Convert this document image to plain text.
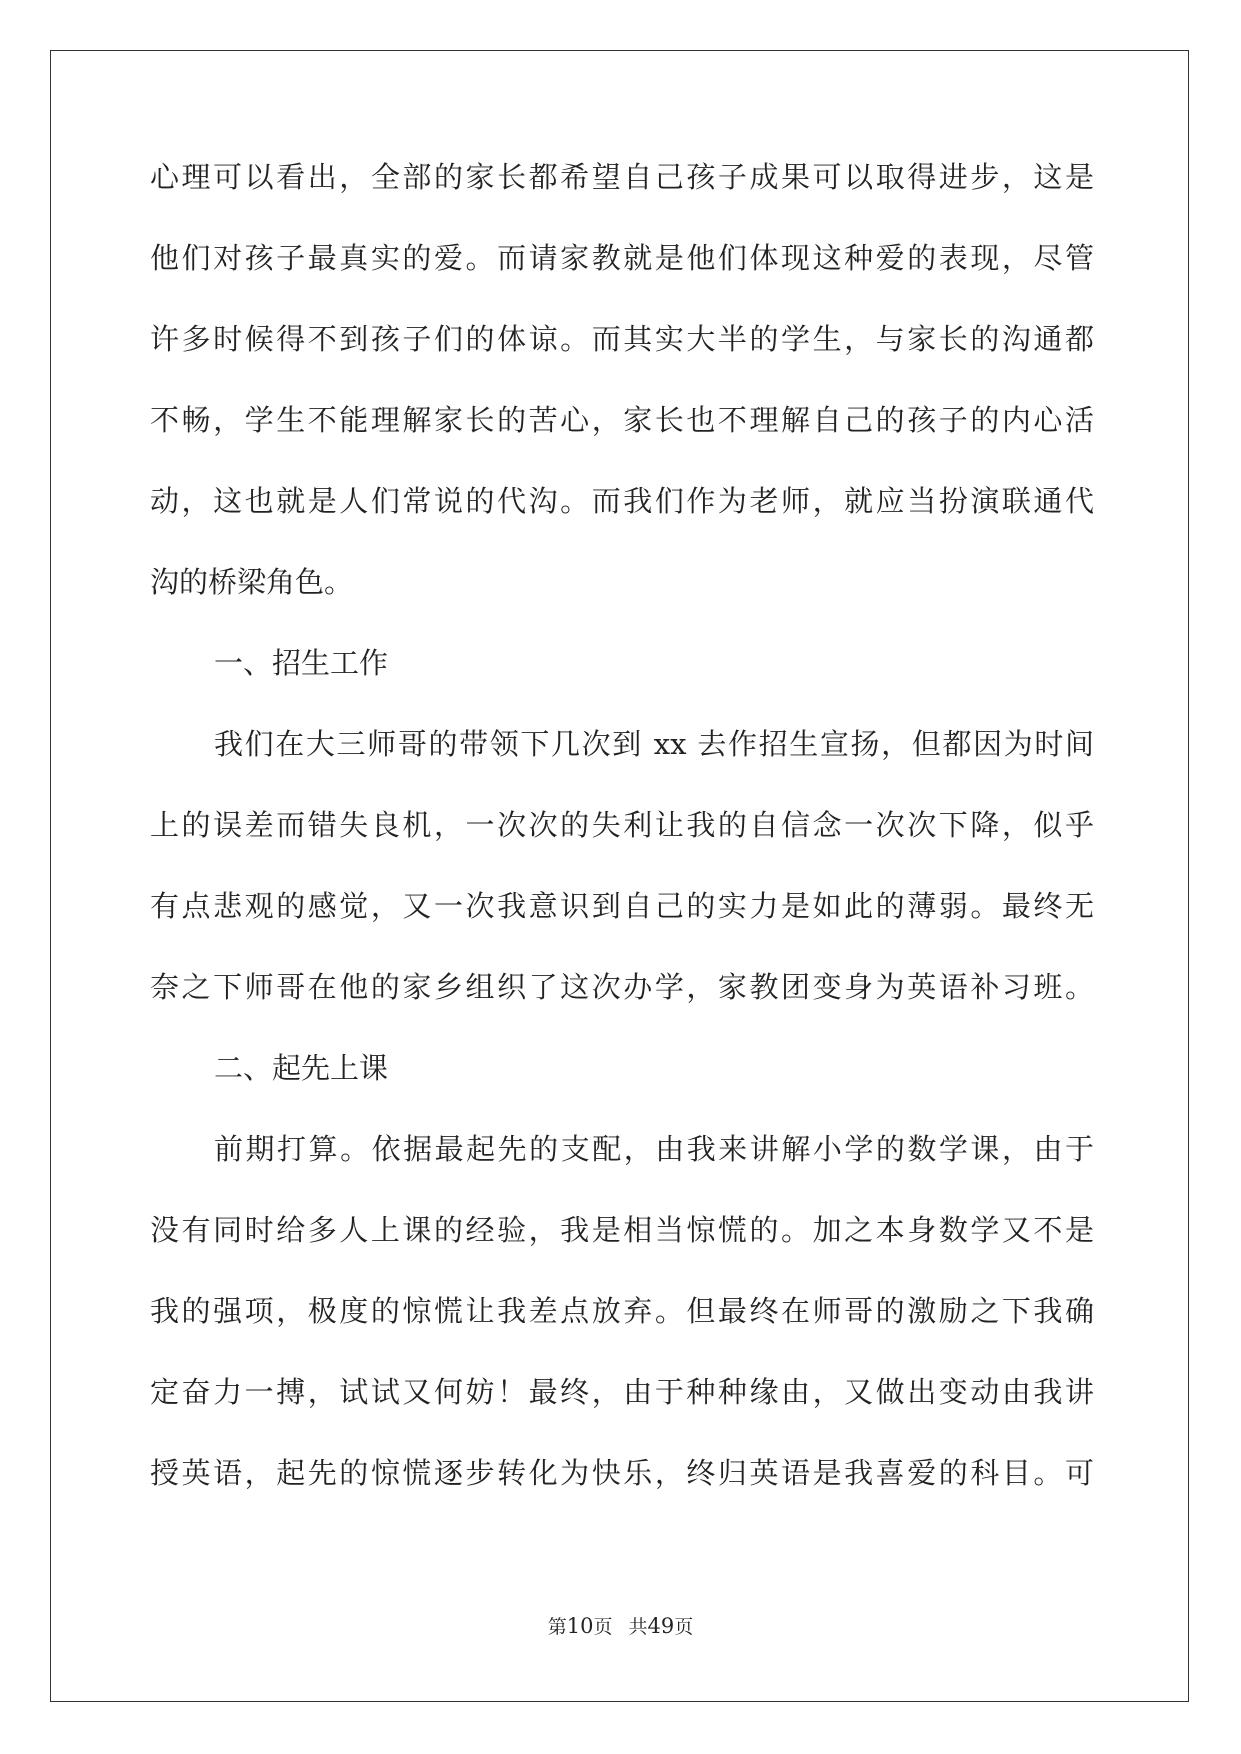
心理可以看出，全部的家长都希望自己孩子成果可以取得进步，这是
他们对孩子最真实的爱。而请家教就是他们体现这种爱的表现，尽管
许多时候得不到孩子们的体谅。而其实大半的学生，与家长的沟通都
不畅，学生不能理解家长的苦心，家长也不理解自己的孩子的内心活
动，这也就是人们常说的代沟。而我们作为老师，就应当扮演联通代
沟的桥梁角色。
一、招生工作
我们在大三师哥的带领下几次到 xx 去作招生宣扬，但都因为时间
上的误差而错失良机，一次次的失利让我的自信念一次次下降，似乎
有点悲观的感觉，又一次我意识到自己的实力是如此的薄弱。最终无
奈之下师哥在他的家乡组织了这次办学，家教团变身为英语补习班。
二、起先上课
前期打算。依据最起先的支配，由我来讲解小学的数学课，由于
没有同时给多人上课的经验，我是相当惊慌的。加之本身数学又不是
我的强项，极度的惊慌让我差点放弃。但最终在师哥的激励之下我确
定奋力一搏，试试又何妨！最终，由于种种缘由，又做出变动由我讲
授英语，起先的惊慌逐步转化为快乐，终归英语是我喜爱的科目。可
第10页 共49页
